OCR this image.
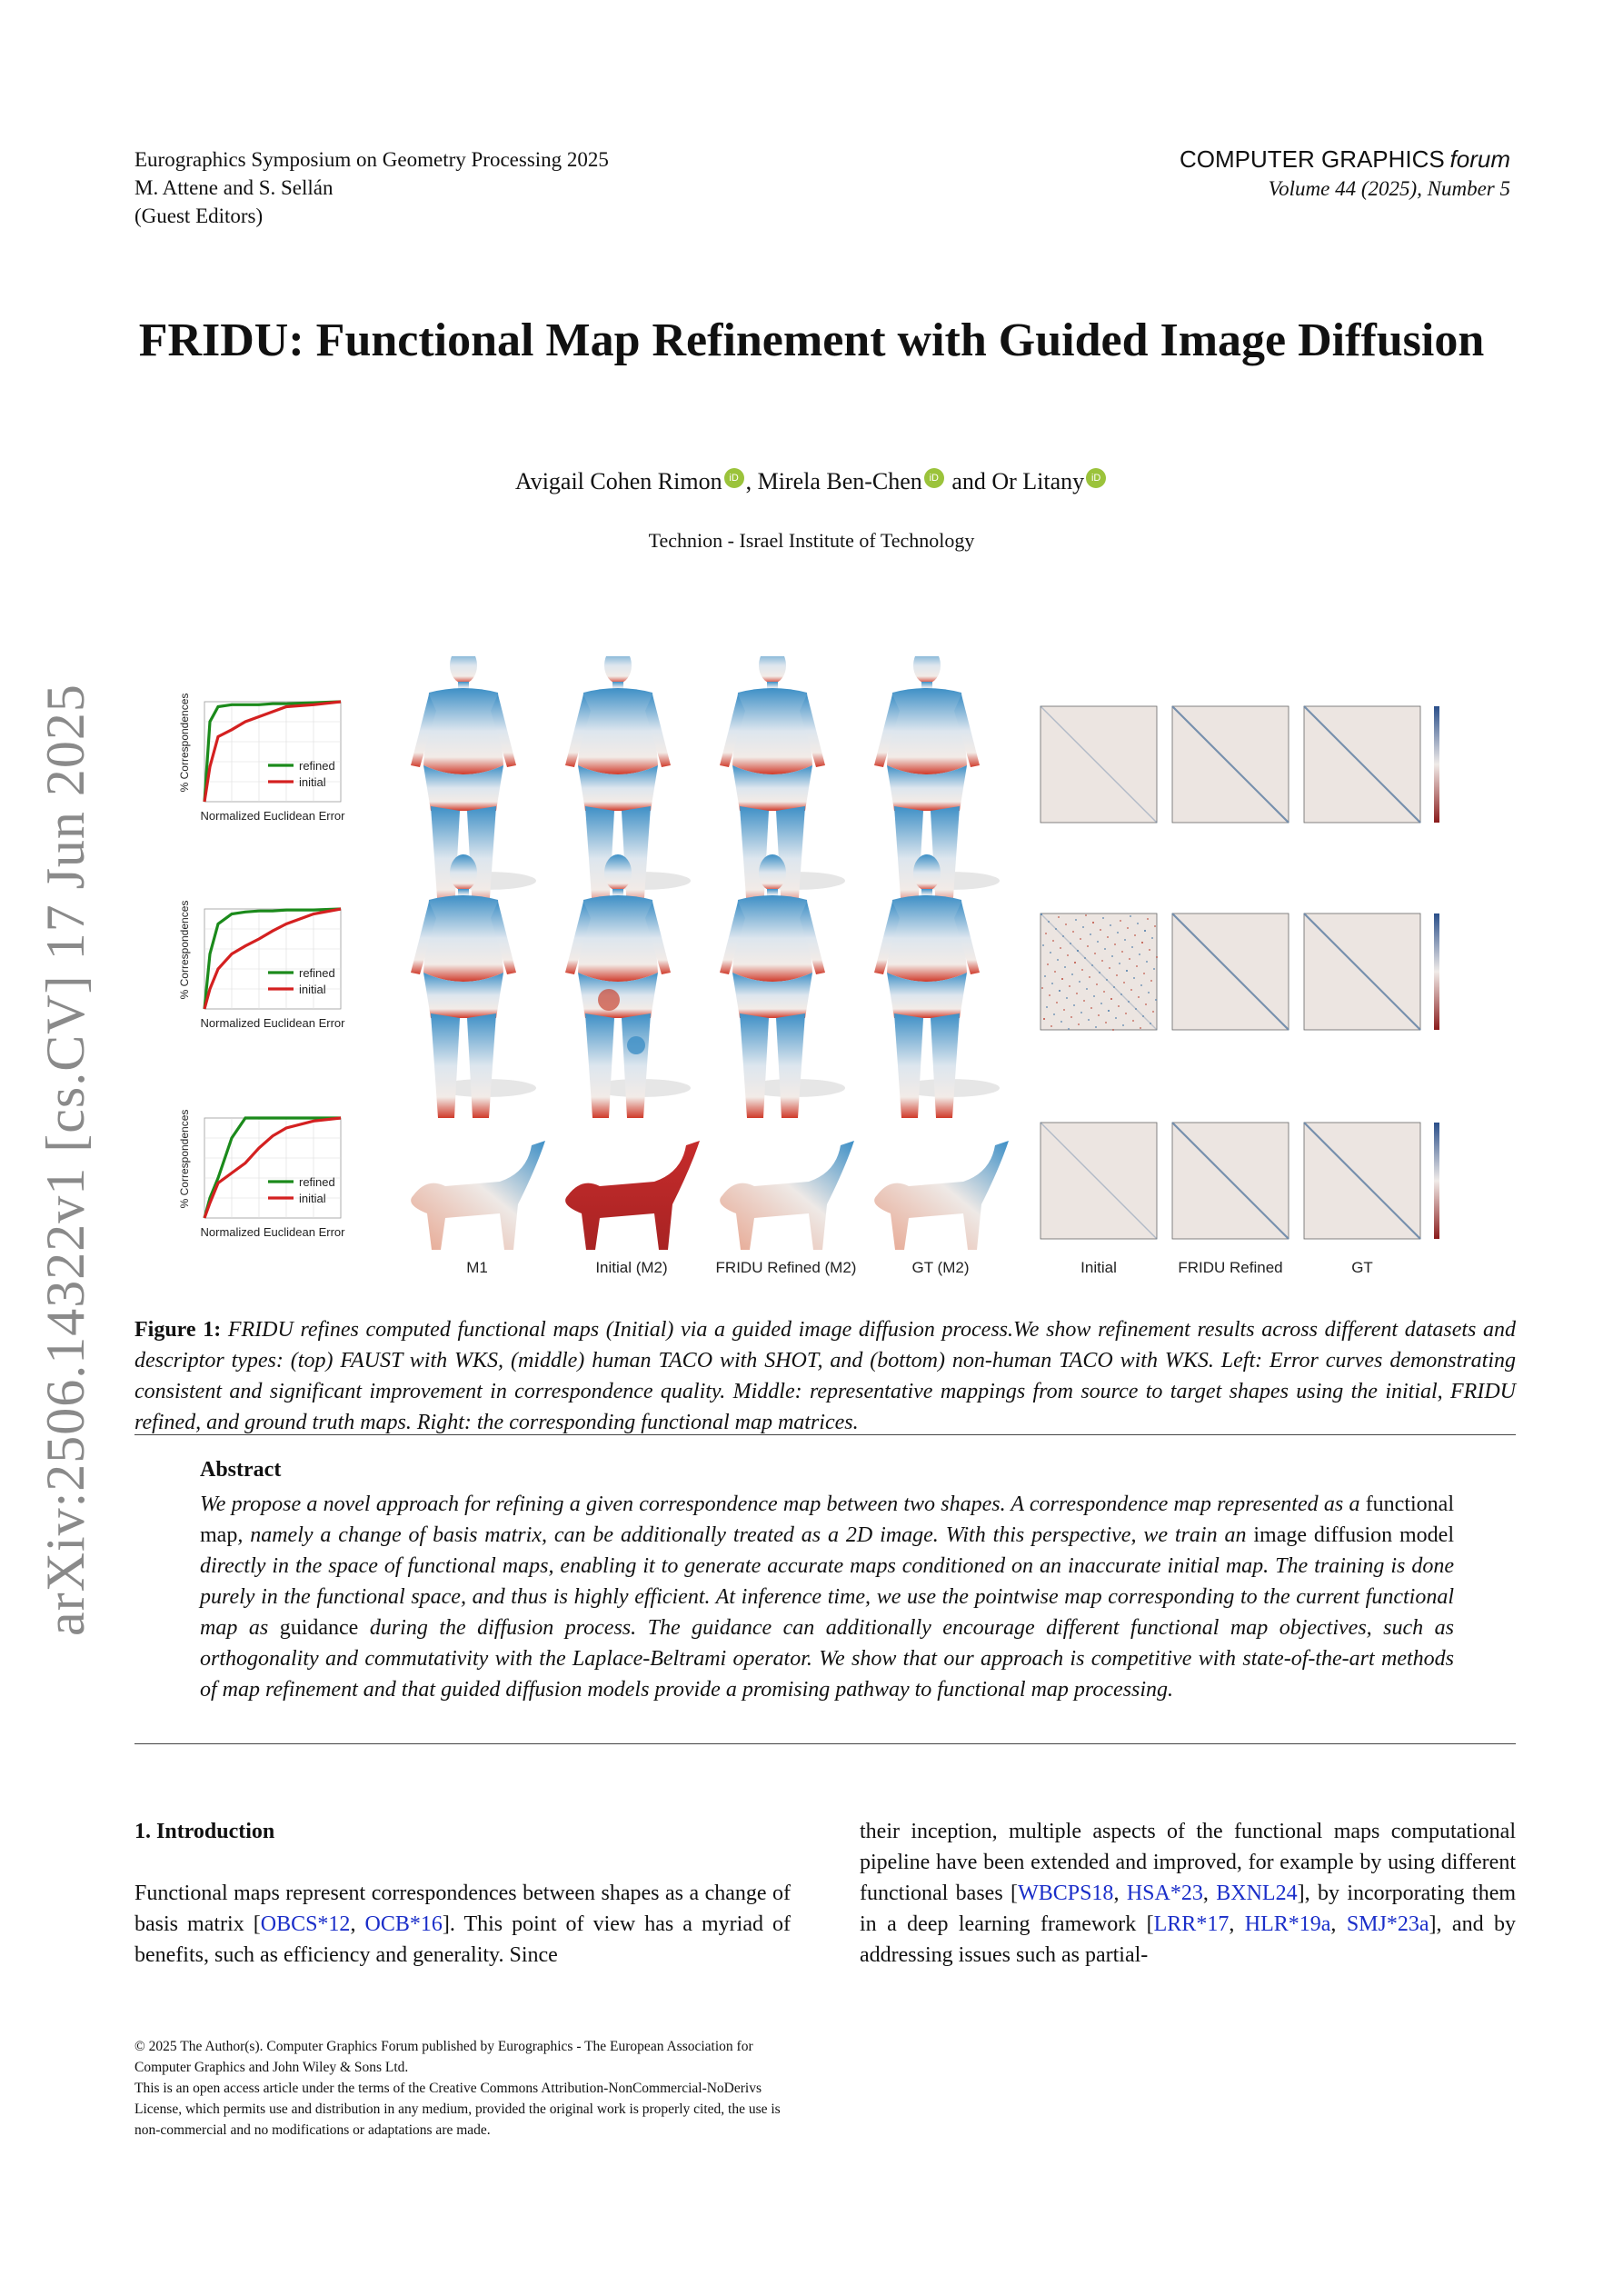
Eurographics Symposium on Geometry Processing 2025
M. Attene and S. Sellán
(Guest Editors)
COMPUTER GRAPHICS forum
Volume 44 (2025), Number 5
FRIDU: Functional Map Refinement with Guided Image Diffusion
Avigail Cohen Rimon iD , Mirela Ben-Chen iD and Or Litany iD
Technion - Israel Institute of Technology
arXiv:2506.14322v1 [cs.CV] 17 Jun 2025	refined
initial
% Correspondences
Normalized Euclidean Error
refined
initial
% Correspondences
Normalized Euclidean Error
refined
initial
% Correspondences
Normalized Euclidean Error
M1	Initial (M2)	FRIDU Refined (M2)	GT (M2)	Initial	FRIDU Refined	GT
Figure 1: FRIDU refines computed functional maps (Initial) via a guided image diffusion process.We show refinement results across different datasets and descriptor types: (top) FAUST with WKS, (middle) human TACO with SHOT, and (bottom) non-human TACO with WKS. Left: Error curves demonstrating consistent and significant improvement in correspondence quality. Middle: representative mappings from source to target shapes using the initial, FRIDU refined, and ground truth maps. Right: the corresponding functional map matrices.
Abstract

We propose a novel approach for refining a given correspondence map between two shapes. A correspondence map represented as a functional map, namely a change of basis matrix, can be additionally treated as a 2D image. With this perspective, we train an image diffusion model directly in the space of functional maps, enabling it to generate accurate maps conditioned on an inaccurate initial map. The training is done purely in the functional space, and thus is highly efficient. At inference time, we use the pointwise map corresponding to the current functional map as guidance during the diffusion process. The guidance can additionally encourage different functional map objectives, such as orthogonality and commutativity with the Laplace-Beltrami operator. We show that our approach is competitive with state-of-the-art methods of map refinement and that guided diffusion models provide a promising pathway to functional map processing.

1. Introduction

Functional maps represent correspondences between shapes as a change of basis matrix [OBCS*12, OCB*16]. This point of view has a myriad of benefits, such as efficiency and generality. Since

their inception, multiple aspects of the functional maps computational pipeline have been extended and improved, for example by using different functional bases [WBCPS18, HSA*23, BXNL24], by incorporating them in a deep learning framework [LRR*17, HLR*19a, SMJ*23a], and by addressing issues such as partial-

© 2025 The Author(s). Computer Graphics Forum published by Eurographics - The European Association for Computer Graphics and John Wiley & Sons Ltd.
This is an open access article under the terms of the Creative Commons Attribution-NonCommercial-NoDerivs License, which permits use and distribution in any medium, provided the original work is properly cited, the use is non-commercial and no modifications or adaptations are made.
